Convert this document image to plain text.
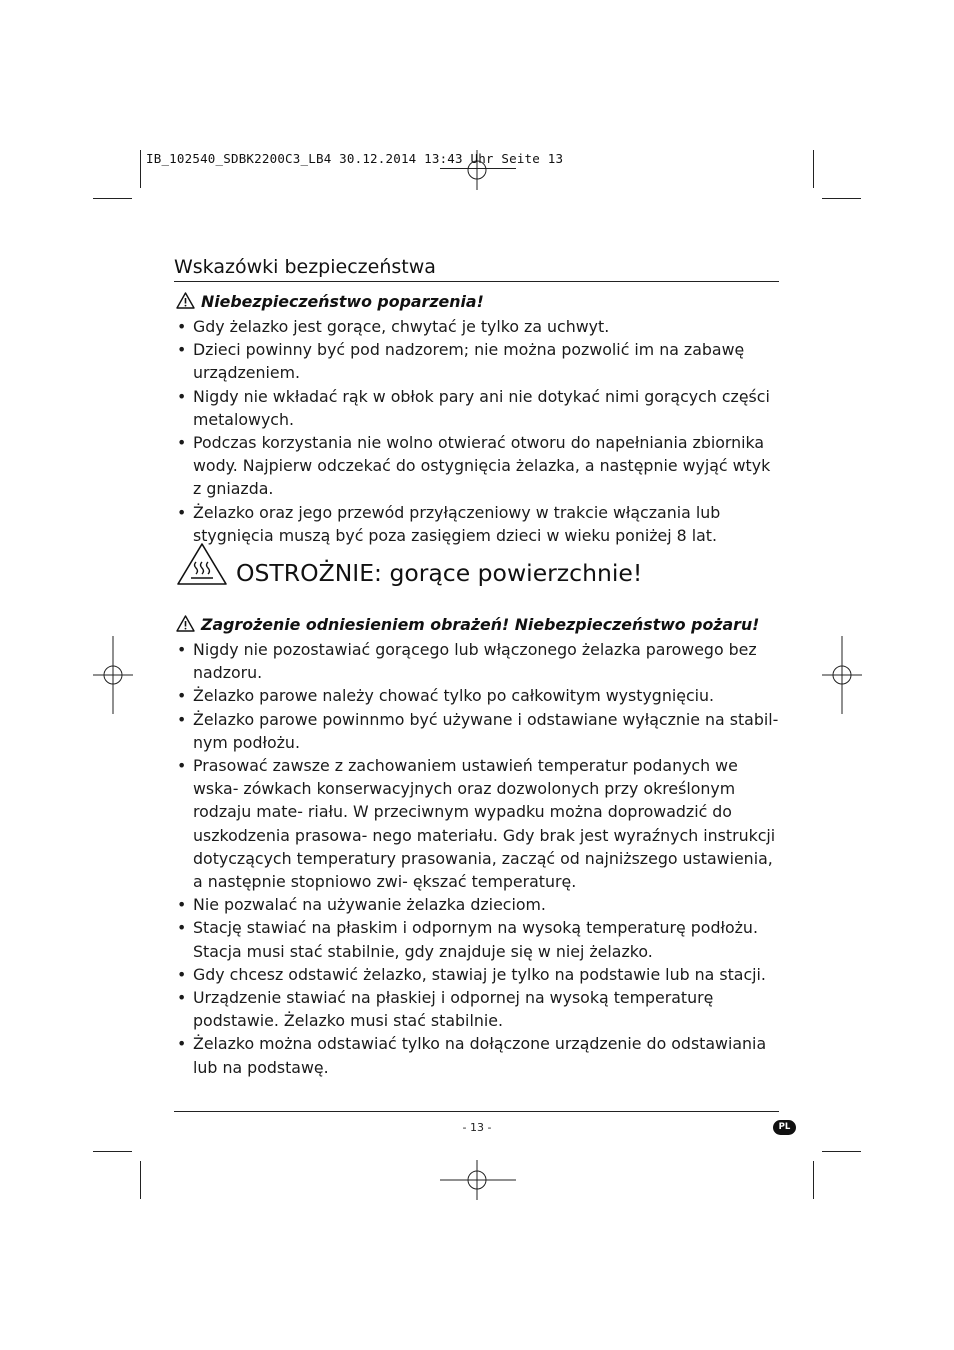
IB_102540_SDBK2200C3_LB4 30.12.2014 13:43 Uhr Seite 13
Wskazówki bezpieczeństwa
Niebezpieczeństwo poparzenia!
• Gdy żelazko jest gorące, chwytać je tylko za uchwyt.
• Dzieci powinny być pod nadzorem; nie można pozwolić im na zabawę urządzeniem.
• Nigdy nie wkładać rąk w obłok pary ani nie dotykać nimi gorących części metalowych.
• Podczas korzystania nie wolno otwierać otworu do napełniania zbiornika wody. Najpierw odczekać do ostygnięcia żelazka, a następnie wyjąć wtyk z gniazda.
• Żelazko oraz jego przewód przyłączeniowy w trakcie włączania lub stygnięcia muszą być poza zasięgiem dzieci w wieku poniżej 8 lat.
OSTROŻNIE: gorące powierzchnie!
Zagrożenie odniesieniem obrażeń! Niebezpieczeństwo pożaru!
• Nigdy nie pozostawiać gorącego lub włączonego żelazka parowego bez nadzoru.
• Żelazko parowe należy chować tylko po całkowitym wystygnięciu.
• Żelazko parowe powinnmo być używane i odstawiane wyłącznie na stabil- nym podłożu.
• Prasować zawsze z zachowaniem ustawień temperatur podanych we wska- zówkach konserwacyjnych oraz dozwolonych przy określonym rodzaju mate- riału. W przeciwnym wypadku można doprowadzić do uszkodzenia prasowa- nego materiału. Gdy brak jest wyraźnych instrukcji dotyczących temperatury prasowania, zacząć od najniższego ustawienia, a następnie stopniowo zwi- ększać temperaturę.
• Nie pozwalać na używanie żelazka dzieciom.
• Stację stawiać na płaskim i odpornym na wysoką temperaturę podłożu. Stacja musi stać stabilnie, gdy znajduje się w niej żelazko.
• Gdy chcesz odstawić żelazko, stawiaj je tylko na podstawie lub na stacji.
• Urządzenie stawiać na płaskiej i odpornej na wysoką temperaturę podstawie. Żelazko musi stać stabilnie.
• Żelazko można odstawiać tylko na dołączone urządzenie do odstawiania lub na podstawę.
- 13 -	PL
